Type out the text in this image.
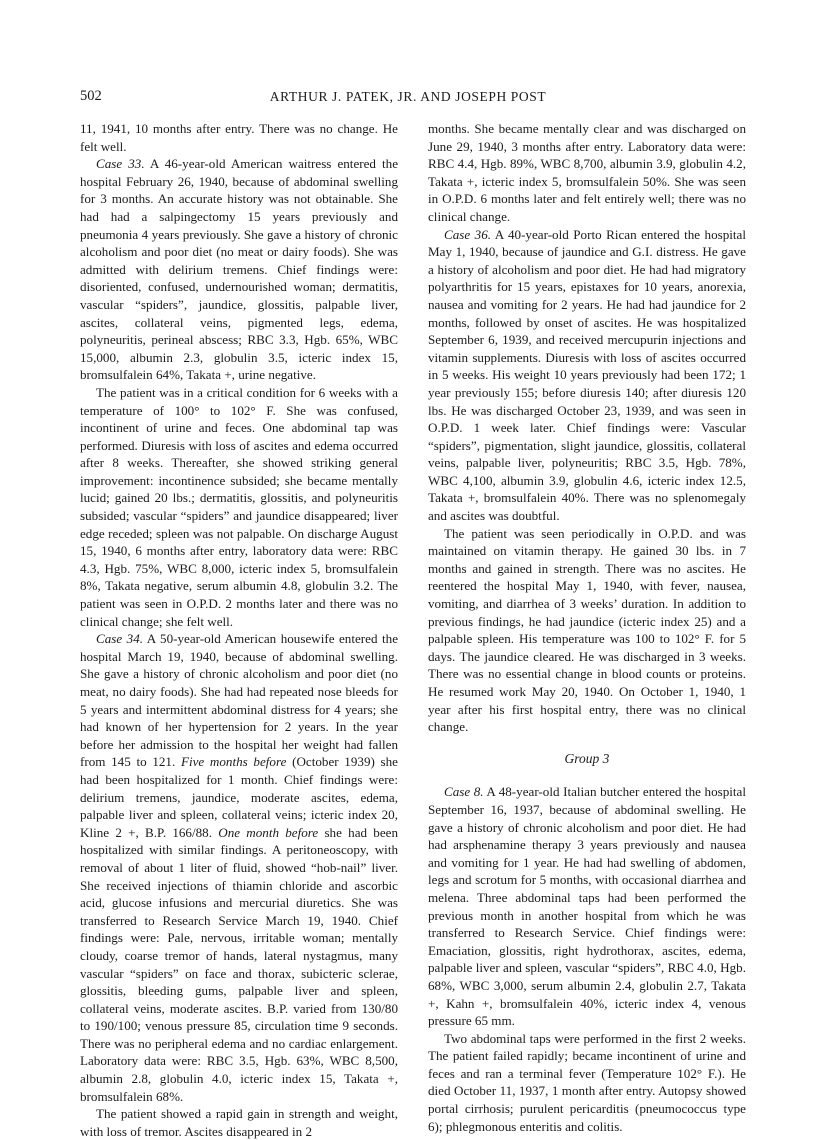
502	ARTHUR J. PATEK, JR. AND JOSEPH POST

11, 1941, 10 months after entry. There was no change. He felt well.

Case 33. A 46-year-old American waitress entered the hospital February 26, 1940, because of abdominal swelling for 3 months. An accurate history was not obtainable. She had had a salpingectomy 15 years previously and pneumonia 4 years previously. She gave a history of chronic alcoholism and poor diet (no meat or dairy foods). She was admitted with delirium tremens. Chief findings were: disoriented, confused, undernourished woman; dermatitis, vascular “spiders”, jaundice, glossitis, palpable liver, ascites, collateral veins, pigmented legs, edema, polyneuritis, perineal abscess; RBC 3.3, Hgb. 65%, WBC 15,000, albumin 2.3, globulin 3.5, icteric index 15, bromsulfalein 64%, Takata +, urine negative.

The patient was in a critical condition for 6 weeks with a temperature of 100° to 102° F. She was confused, incontinent of urine and feces. One abdominal tap was performed. Diuresis with loss of ascites and edema occurred after 8 weeks. Thereafter, she showed striking general improvement: incontinence subsided; she became mentally lucid; gained 20 lbs.; dermatitis, glossitis, and polyneuritis subsided; vascular “spiders” and jaundice disappeared; liver edge receded; spleen was not palpable. On discharge August 15, 1940, 6 months after entry, laboratory data were: RBC 4.3, Hgb. 75%, WBC 8,000, icteric index 5, bromsulfalein 8%, Takata negative, serum albumin 4.8, globulin 3.2. The patient was seen in O.P.D. 2 months later and there was no clinical change; she felt well.

Case 34. A 50-year-old American housewife entered the hospital March 19, 1940, because of abdominal swelling. She gave a history of chronic alcoholism and poor diet (no meat, no dairy foods). She had had repeated nose bleeds for 5 years and intermittent abdominal distress for 4 years; she had known of her hypertension for 2 years. In the year before her admission to the hospital her weight had fallen from 145 to 121. Five months before (October 1939) she had been hospitalized for 1 month. Chief findings were: delirium tremens, jaundice, moderate ascites, edema, palpable liver and spleen, collateral veins; icteric index 20, Kline 2 +, B.P. 166/88. One month before she had been hospitalized with similar findings. A peritoneoscopy, with removal of about 1 liter of fluid, showed “hob-nail” liver. She received injections of thiamin chloride and ascorbic acid, glucose infusions and mercurial diuretics. She was transferred to Research Service March 19, 1940. Chief findings were: Pale, nervous, irritable woman; mentally cloudy, coarse tremor of hands, lateral nystagmus, many vascular “spiders” on face and thorax, subicteric sclerae, glossitis, bleeding gums, palpable liver and spleen, collateral veins, moderate ascites. B.P. varied from 130/80 to 190/100; venous pressure 85, circulation time 9 seconds. There was no peripheral edema and no cardiac enlargement. Laboratory data were: RBC 3.5, Hgb. 63%, WBC 8,500, albumin 2.8, globulin 4.0, icteric index 15, Takata +, bromsulfalein 68%.

The patient showed a rapid gain in strength and weight, with loss of tremor. Ascites disappeared in 2

months. She became mentally clear and was discharged on June 29, 1940, 3 months after entry. Laboratory data were: RBC 4.4, Hgb. 89%, WBC 8,700, albumin 3.9, globulin 4.2, Takata +, icteric index 5, bromsulfalein 50%. She was seen in O.P.D. 6 months later and felt entirely well; there was no clinical change.

Case 36. A 40-year-old Porto Rican entered the hospital May 1, 1940, because of jaundice and G.I. distress. He gave a history of alcoholism and poor diet. He had had migratory polyarthritis for 15 years, epistaxes for 10 years, anorexia, nausea and vomiting for 2 years. He had had jaundice for 2 months, followed by onset of ascites. He was hospitalized September 6, 1939, and received mercupurin injections and vitamin supplements. Diuresis with loss of ascites occurred in 5 weeks. His weight 10 years previously had been 172; 1 year previously 155; before diuresis 140; after diuresis 120 lbs. He was discharged October 23, 1939, and was seen in O.P.D. 1 week later. Chief findings were: Vascular “spiders”, pigmentation, slight jaundice, glossitis, collateral veins, palpable liver, polyneuritis; RBC 3.5, Hgb. 78%, WBC 4,100, albumin 3.9, globulin 4.6, icteric index 12.5, Takata +, bromsulfalein 40%. There was no splenomegaly and ascites was doubtful.

The patient was seen periodically in O.P.D. and was maintained on vitamin therapy. He gained 30 lbs. in 7 months and gained in strength. There was no ascites. He reentered the hospital May 1, 1940, with fever, nausea, vomiting, and diarrhea of 3 weeks’ duration. In addition to previous findings, he had jaundice (icteric index 25) and a palpable spleen. His temperature was 100 to 102° F. for 5 days. The jaundice cleared. He was discharged in 3 weeks. There was no essential change in blood counts or proteins. He resumed work May 20, 1940. On October 1, 1940, 1 year after his first hospital entry, there was no clinical change.

Group 3

Case 8. A 48-year-old Italian butcher entered the hospital September 16, 1937, because of abdominal swelling. He gave a history of chronic alcoholism and poor diet. He had had arsphenamine therapy 3 years previously and nausea and vomiting for 1 year. He had had swelling of abdomen, legs and scrotum for 5 months, with occasional diarrhea and melena. Three abdominal taps had been performed the previous month in another hospital from which he was transferred to Research Service. Chief findings were: Emaciation, glossitis, right hydrothorax, ascites, edema, palpable liver and spleen, vascular “spiders”, RBC 4.0, Hgb. 68%, WBC 3,000, serum albumin 2.4, globulin 2.7, Takata +, Kahn +, bromsulfalein 40%, icteric index 4, venous pressure 65 mm.

Two abdominal taps were performed in the first 2 weeks. The patient failed rapidly; became incontinent of urine and feces and ran a terminal fever (Temperature 102° F.). He died October 11, 1937, 1 month after entry. Autopsy showed portal cirrhosis; purulent pericarditis (pneumococcus type 6); phlegmonous enteritis and colitis.
